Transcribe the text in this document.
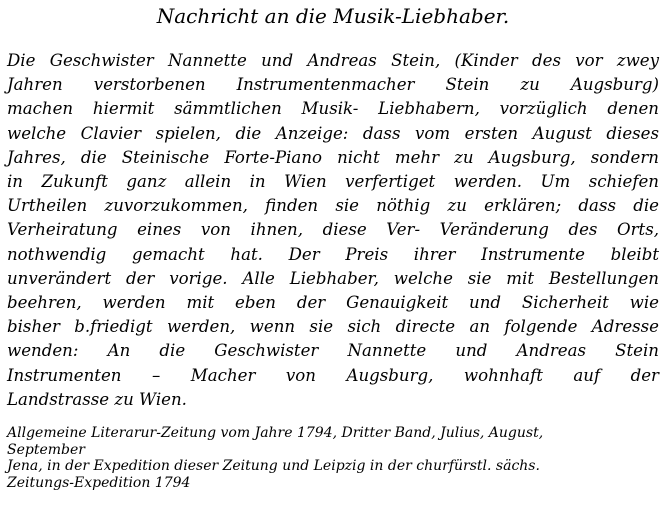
Nachricht an die Musik-Liebhaber.
Die Geschwister Nannette und Andreas Stein, (Kinder des vor zwey
Jahren verstorbenen Instrumentenmacher Stein zu Augsburg)
machen hiermit sämmtlichen Musik- Liebhabern, vorzüglich denen
welche Clavier spielen, die Anzeige: dass vom ersten August dieses
Jahres, die Steinische Forte-Piano nicht mehr zu Augsburg, sondern
in Zukunft ganz allein in Wien verfertiget werden. Um schiefen
Urtheilen zuvorzukommen, finden sie nöthig zu erklären; dass die
Verheiratung eines von ihnen, diese Ver- Veränderung des Orts,
nothwendig gemacht hat. Der Preis ihrer Instrumente bleibt
unverändert der vorige. Alle Liebhaber, welche sie mit Bestellungen
beehren, werden mit eben der Genauigkeit und Sicherheit wie
bisher b.friedigt werden, wenn sie sich directe an folgende Adresse
wenden: An die Geschwister Nannette und Andreas Stein
Instrumenten – Macher von Augsburg, wohnhaft auf der
Landstrasse zu Wien.
Allgemeine Literarur-Zeitung vom Jahre 1794, Dritter Band, Julius, August,
September
Jena, in der Expedition dieser Zeitung und Leipzig in der churfürstl. sächs.
Zeitungs-Expedition 1794
